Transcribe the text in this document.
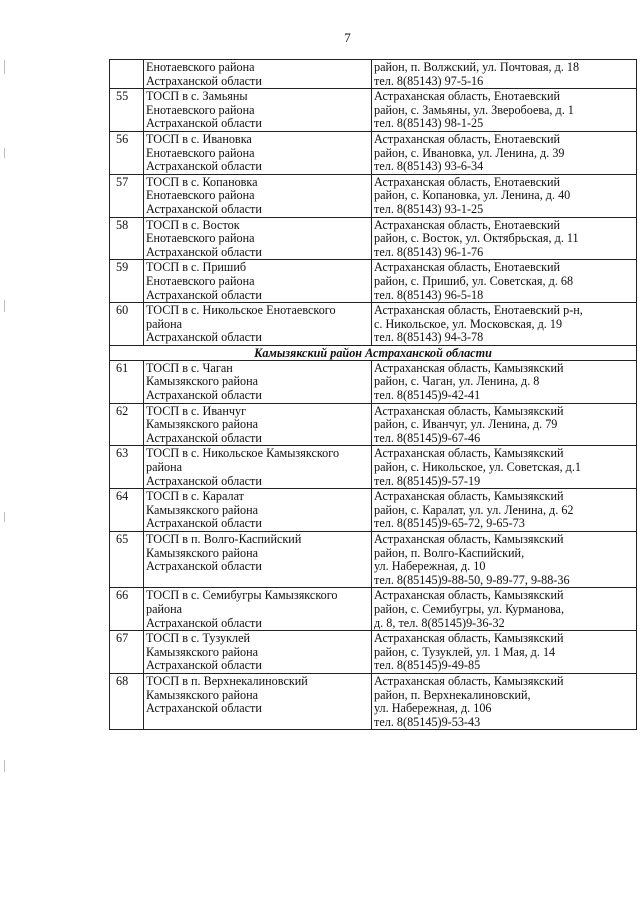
7
	Енотаевского района
Астраханской области	район, п. Волжский, ул. Почтовая, д. 18
тел. 8(85143) 97-5-16
55	ТОСП в с. Замьяны
Енотаевского района
Астраханской области	Астраханская область, Енотаевский
район, с. Замьяны, ул. Зверобоева, д. 1
тел. 8(85143) 98-1-25
56	ТОСП в с. Ивановка
Енотаевского района
Астраханской области	Астраханская область, Енотаевский
район, с. Ивановка, ул. Ленина, д. 39
тел. 8(85143) 93-6-34
57	ТОСП в с. Копановка
Енотаевского района
Астраханской области	Астраханская область, Енотаевский
район, с. Копановка, ул. Ленина, д. 40
тел. 8(85143) 93-1-25
58	ТОСП в с. Восток
Енотаевского района
Астраханской области	Астраханская область, Енотаевский
район, с. Восток, ул. Октябрьская, д. 11
тел. 8(85143) 96-1-76
59	ТОСП в с. Пришиб
Енотаевского района
Астраханской области	Астраханская область, Енотаевский
район, с. Пришиб, ул. Советская, д. 68
тел. 8(85143) 96-5-18
60	ТОСП в с. Никольское Енотаевского
района
Астраханской области	Астраханская область, Енотаевский р-н,
с. Никольское, ул. Московская, д. 19
тел. 8(85143) 94-3-78
Камызякский район Астраханской области		
61	ТОСП в с. Чаган
Камызякского района
Астраханской области	Астраханская область, Камызякский
район, с. Чаган, ул. Ленина, д. 8
тел. 8(85145)9-42-41
62	ТОСП в с. Иванчуг
Камызякского района
Астраханской области	Астраханская область, Камызякский
район, с. Иванчуг, ул. Ленина, д. 79
тел. 8(85145)9-67-46
63	ТОСП в с. Никольское Камызякского
района
Астраханской области	Астраханская область, Камызякский
район, с. Никольское, ул. Советская, д.1
тел. 8(85145)9-57-19
64	ТОСП в с. Каралат
Камызякского района
Астраханской области	Астраханская область, Камызякский
район, с. Каралат, ул. ул. Ленина, д. 62
тел. 8(85145)9-65-72, 9-65-73
65	ТОСП в п. Волго-Каспийский
Камызякского района
Астраханской области	Астраханская область, Камызякский
район, п. Волго-Каспийский,
ул. Набережная, д. 10
тел. 8(85145)9-88-50, 9-89-77, 9-88-36
66	ТОСП в с. Семибугры Камызякского
района
Астраханской области	Астраханская область, Камызякский
район, с. Семибугры, ул. Курманова,
д. 8, тел. 8(85145)9-36-32
67	ТОСП в с. Тузуклей
Камызякского района
Астраханской области	Астраханская область, Камызякский
район, с. Тузуклей, ул. 1 Мая, д. 14
тел. 8(85145)9-49-85
68	ТОСП в п. Верхнекалиновский
Камызякского района
Астраханской области	Астраханская область, Камызякский
район, п. Верхнекалиновский,
ул. Набережная, д. 106
тел. 8(85145)9-53-43
